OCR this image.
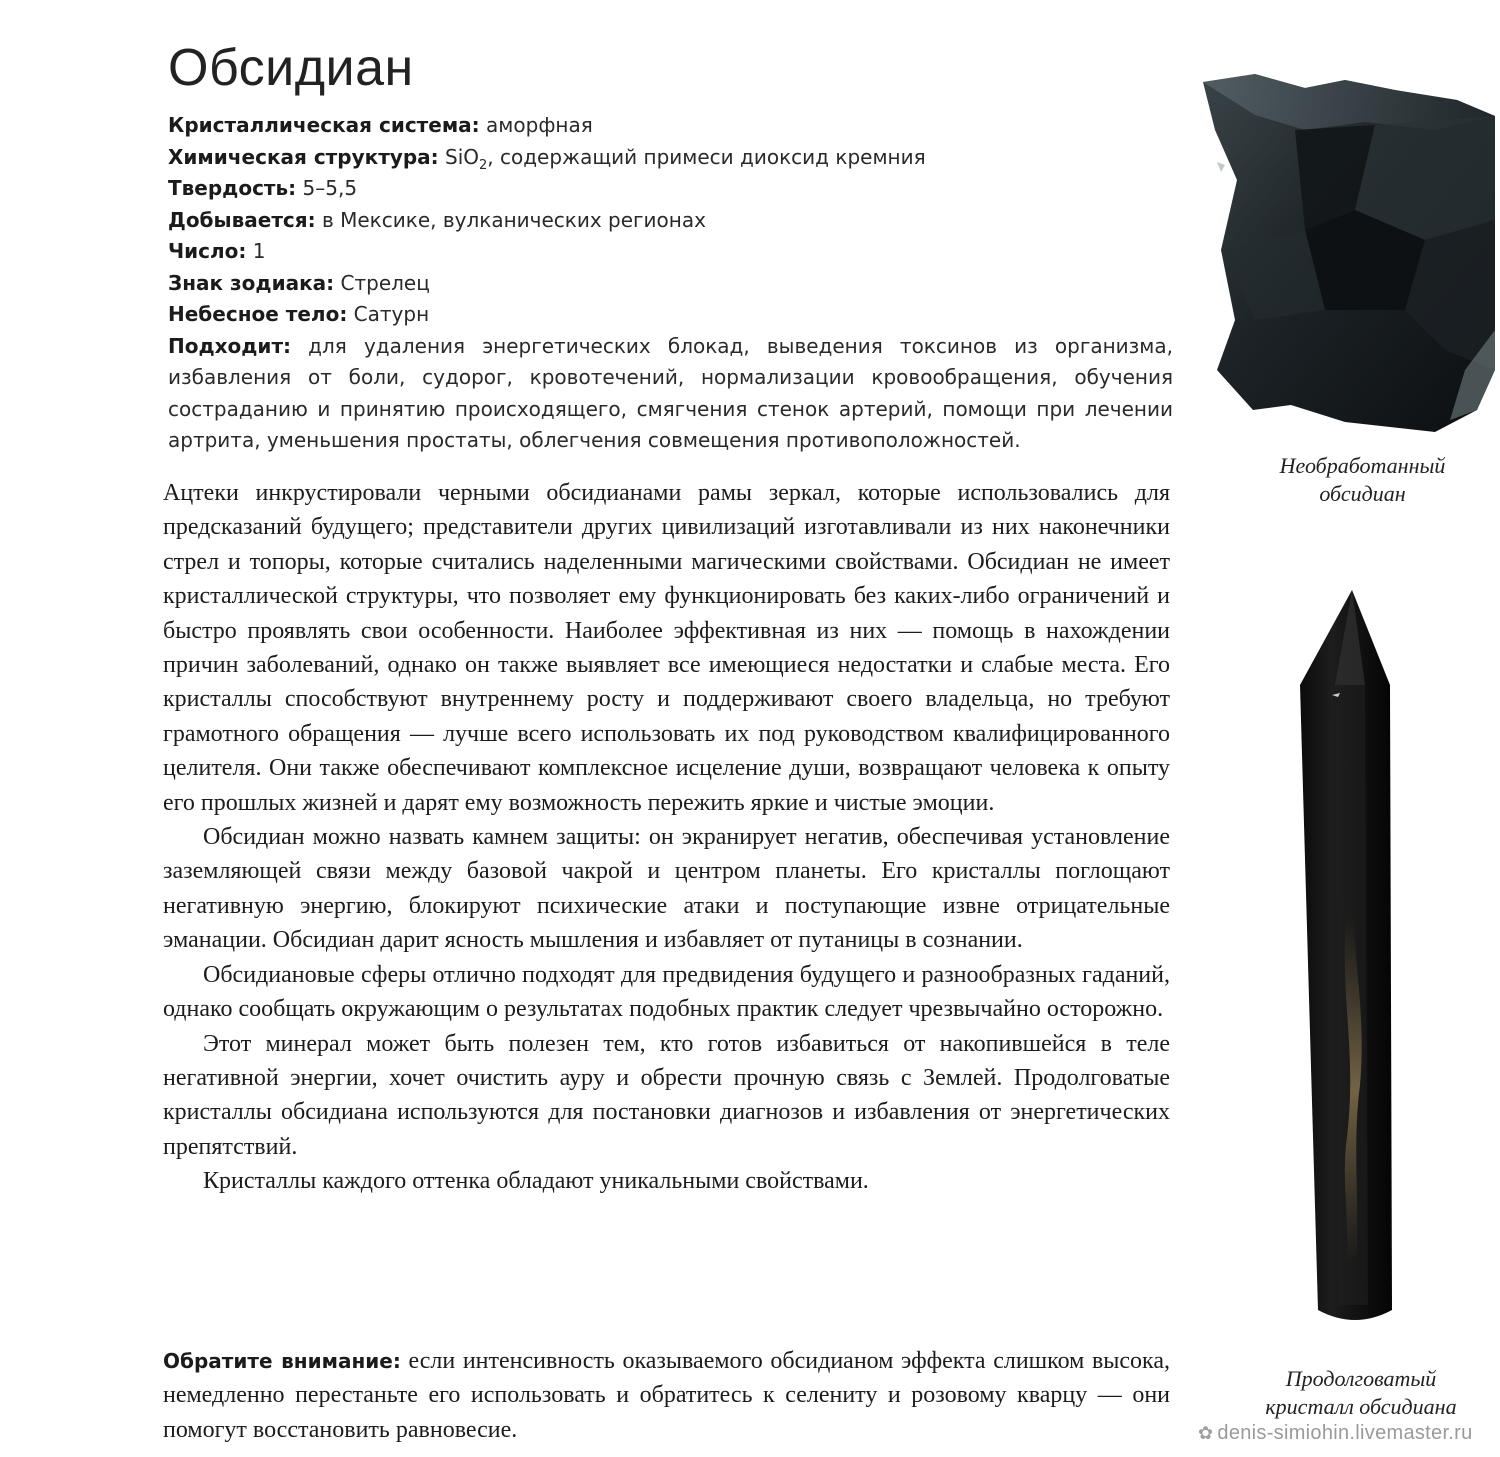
Обсидиан

Кристаллическая система: аморфная

Химическая структура: SiO$_2$, содержащий примеси диоксид кремния

Твердость: 5–5,5

Добывается: в Мексике, вулканических регионах

Число: 1

Знак зодиака: Стрелец

Небесное тело: Сатурн

Подходит: для удаления энергетических блокад, выведения токсинов из организма, избавления от боли, судорог, кровотечений, нормализации кровообращения, обучения состраданию и принятию происходящего, смягчения стенок артерий, помощи при лечении артрита, уменьшения простаты, облегчения совмещения противоположностей.

Ацтеки инкрустировали черными обсидианами рамы зеркал, которые использовались для предсказаний будущего; представители других цивилизаций изготавливали из них наконечники стрел и топоры, которые считались наделенными магическими свойствами. Обсидиан не имеет кристаллической структуры, что позволяет ему функционировать без каких-либо ограничений и быстро проявлять свои особенности. Наиболее эффективная из них — помощь в нахождении причин заболеваний, однако он также выявляет все имеющиеся недостатки и слабые места. Его кристаллы способствуют внутреннему росту и поддерживают своего владельца, но требуют грамотного обращения — лучше всего использовать их под руководством квалифицированного целителя. Они также обеспечивают комплексное исцеление души, возвращают человека к опыту его прошлых жизней и дарят ему возможность пережить яркие и чистые эмоции.

Обсидиан можно назвать камнем защиты: он экранирует негатив, обеспечивая установление заземляющей связи между базовой чакрой и центром планеты. Его кристаллы поглощают негативную энергию, блокируют психические атаки и поступающие извне отрицательные эманации. Обсидиан дарит ясность мышления и избавляет от путаницы в сознании.

Обсидиановые сферы отлично подходят для предвидения будущего и разнообразных гаданий, однако сообщать окружающим о результатах подобных практик следует чрезвычайно осторожно.

Этот минерал может быть полезен тем, кто готов избавиться от накопившейся в теле негативной энергии, хочет очистить ауру и обрести прочную связь с Землей. Продолговатые кристаллы обсидиана используются для постановки диагнозов и избавления от энергетических препятствий.

Кристаллы каждого оттенка обладают уникальными свойствами.

Обратите внимание: если интенсивность оказываемого обсидианом эффекта слишком высока, немедленно перестаньте его использовать и обратитесь к селениту и розовому кварцу — они помогут восстановить равновесие.

Необработанный
обсидиан
Продолговатый
кристалл обсидиана
✿ denis-simiohin.livemaster.ru
